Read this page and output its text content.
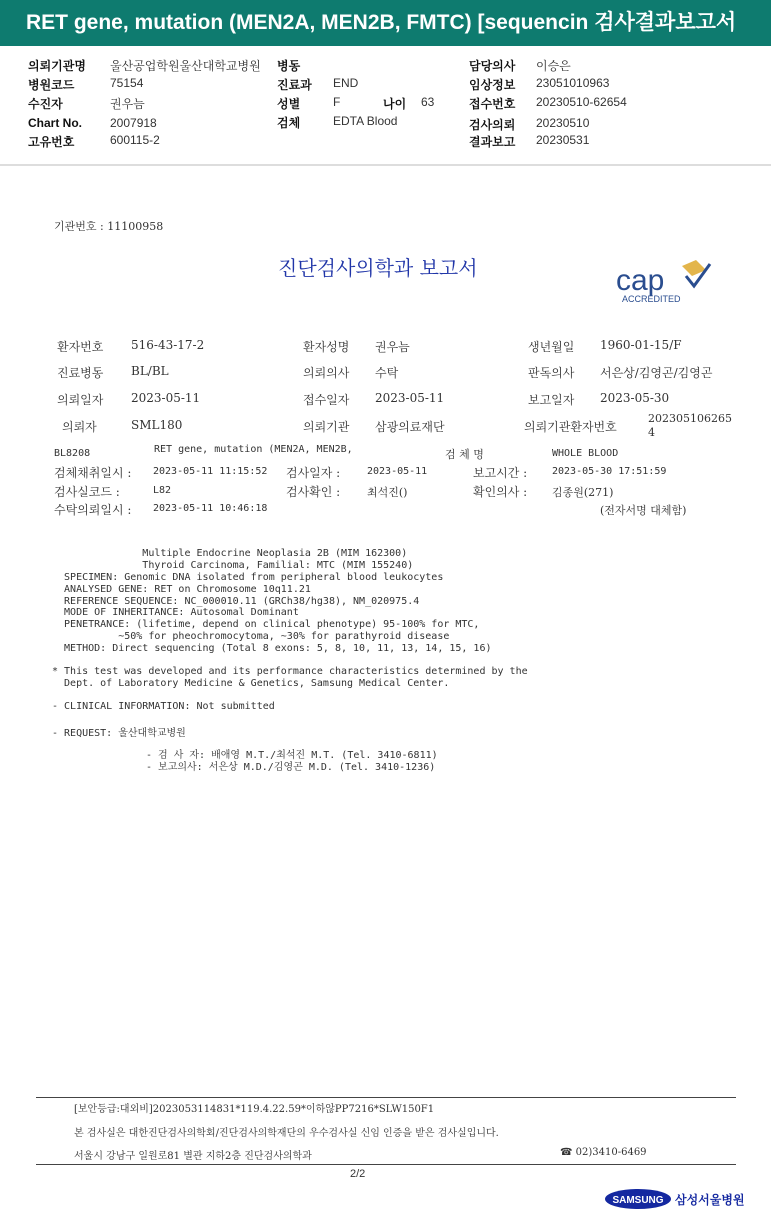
RET gene, mutation (MEN2A, MEN2B, FMTC) [sequencin 검사결과보고서
의뢰기관명 울산공업학원울산대학교병원 병동	담당의사 이승은
병원코드	75154	진료과 END	임상정보 23051010963
수진자	권우늠	성별	F	나이 63	접수번호 20230510-62654
Chart No. 2007918	검체	EDTA Blood	검사의뢰 20230510
고유번호	600115-2	결과보고 20230531
기관번호 : 11100958
진단검사의학과 보고서	cap
ACCREDITED
환자번호 516-43-17-2	환자성명 권우늠	생년월일 1960-01-15/F
진료병동 BL/BL	의뢰의사 수탁	판독의사 서은상/김영곤/김영곤
의뢰일자 2023-05-11	접수일자 2023-05-11	보고일자 2023-05-30
의뢰자	SML180	의뢰기관 삼광의료재단	의뢰기관환자번호
202305106265
4
BL8208	RET gene, mutation (MEN2A, MEN2B,	검 체 명	WHOLE BLOOD
검체채취일시 : 2023-05-11 11:15:52 검사일자 :	2023-05-11	보고시간 : 2023-05-30 17:51:59
검사실코드 :	L82	검사확인 : 최석진()	확인의사 : 김종원(271)
수탁의뢰일시 : 2023-05-11 10:46:18	(전자서명 대체함)
Multiple Endocrine Neoplasia 2B (MIM 162300)
Thyroid Carcinoma, Familial: MTC (MIM 155240)
SPECIMEN: Genomic DNA isolated from peripheral blood leukocytes
ANALYSED GENE: RET on Chromosome 10q11.21
REFERENCE SEQUENCE: NC_000010.11 (GRCh38/hg38), NM_020975.4
MODE OF INHERITANCE: Autosomal Dominant
PENETRANCE: (lifetime, depend on clinical phenotype) 95-100% for MTC,
~50% for pheochromocytoma, ~30% for parathyroid disease
METHOD: Direct sequencing (Total 8 exons: 5, 8, 10, 11, 13, 14, 15, 16)
* This test was developed and its performance characteristics determined by the
Dept. of Laboratory Medicine & Genetics, Samsung Medical Center.
- CLINICAL INFORMATION: Not submitted
- REQUEST: 울산대학교병원
- 검 사 자: 배애영 M.T./최석진 M.T. (Tel. 3410-6811)
- 보고의사: 서은상 M.D./김영곤 M.D. (Tel. 3410-1236)
[보안등급:대외비]2023053114831*119.4.22.59*이하않PP7216*SLW150F1
본 검사실은 대한진단검사의학회/진단검사의학재단의 우수검사실 신임 인증을 받은 검사실입니다.
서울시 강남구 일원로81 별관 지하2층 진단검사의학과	☎ 02)3410-6469
2/2
SAMSUNG 삼성서울병원
